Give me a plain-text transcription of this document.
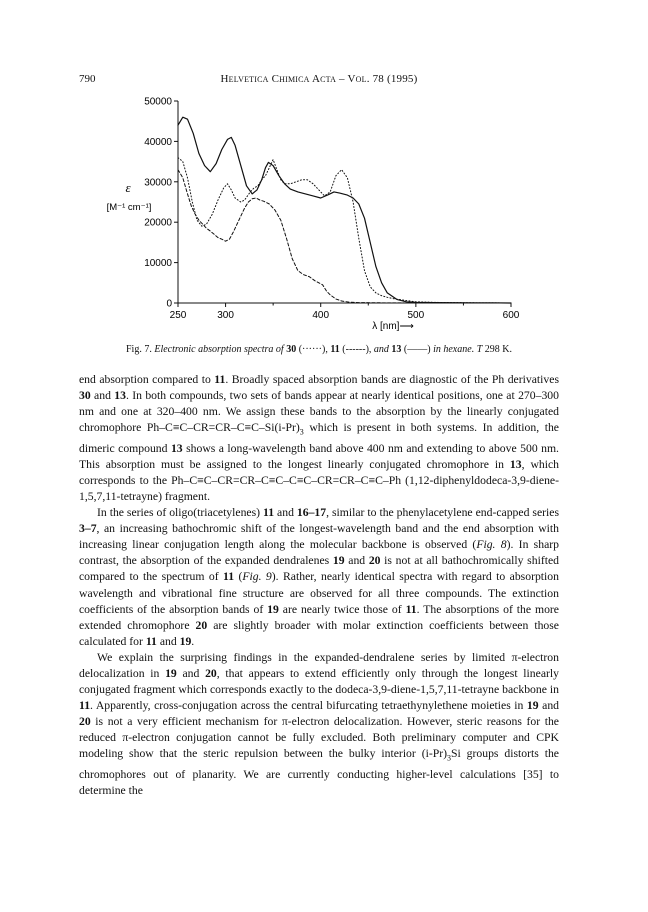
790	Helvetica Chimica Acta – Vol. 78 (1995)
0
10000
20000
30000
40000
50000
250	300	400	500	600
ε
[M⁻¹ cm⁻¹]
λ [nm]⟶
Fig. 7. Electronic absorption spectra of 30 (······), 11 (------), and 13 (——) in hexane. T 298 K.

end absorption compared to 11. Broadly spaced absorption bands are diagnostic of the Ph derivatives 30 and 13. In both compounds, two sets of bands appear at nearly identical positions, one at 270–300 nm and one at 320–400 nm. We assign these bands to the absorption by the linearly conjugated chromophore $Ph-C\equiv C-CR=CR-C\equiv C-Si(i-Pr)_3$ which is present in both systems. In addition, the dimeric compound 13 shows a long-wavelength band above 400 nm and extending to above 500 nm. This absorption must be assigned to the longest linearly conjugated chromophore in 13, which corresponds to the Ph–C≡C–CR=CR–C≡C–C≡C–CR=CR–C≡C–Ph (1,12-diphenyldodeca-3,9-diene-1,5,7,11-tetrayne) fragment.

In the series of oligo(triacetylenes) 11 and 16–17, similar to the phenylacetylene end-capped series 3–7, an increasing bathochromic shift of the longest-wavelength band and the end absorption with increasing linear conjugation length along the molecular backbone is observed (Fig. 8). In sharp contrast, the absorption of the expanded dendralenes 19 and 20 is not at all bathochromically shifted compared to the spectrum of 11 (Fig. 9). Rather, nearly identical spectra with regard to absorption wavelength and vibrational fine structure are observed for all three compounds. The extinction coefficients of the absorption bands of 19 are nearly twice those of 11. The absorptions of the more extended chromophore 20 are slightly broader with molar extinction coefficients between those calculated for 11 and 19.

We explain the surprising findings in the expanded-dendralene series by limited π-electron delocalization in 19 and 20, that appears to extend efficiently only through the longest linearly conjugated fragment which corresponds exactly to the dodeca-3,9-diene-1,5,7,11-tetrayne backbone in 11. Apparently, cross-conjugation across the central bifurcating tetraethynylethene moieties in 19 and 20 is not a very efficient mechanism for π-electron delocalization. However, steric reasons for the reduced π-electron conjugation cannot be fully excluded. Both preliminary computer and CPK modeling show that the steric repulsion between the bulky interior $(i-Pr)_3Si$ groups distorts the chromophores out of planarity. We are currently conducting higher-level calculations [35] to determine the
